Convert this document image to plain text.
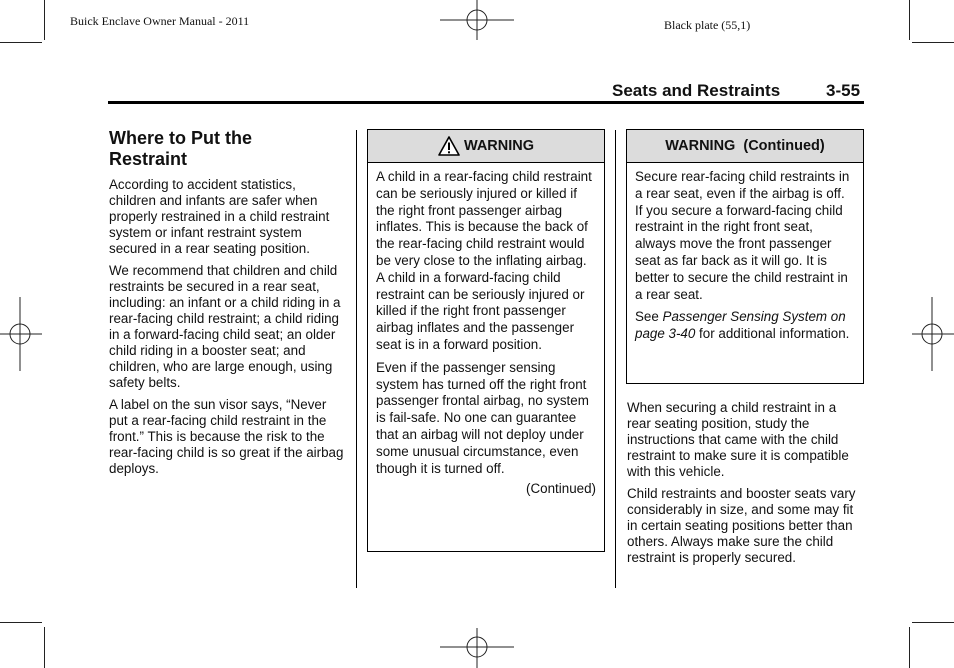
Buick Enclave Owner Manual - 2011	Black plate (55,1)
Seats and Restraints	3-55
Where to Put the
Restraint

According to accident statistics, children and infants are safer when properly restrained in a child restraint system or infant restraint system secured in a rear seating position.

We recommend that children and child restraints be secured in a rear seat, including: an infant or a child riding in a rear-facing child restraint; a child riding in a forward-facing child seat; an older child riding in a booster seat; and children, who are large enough, using safety belts.

A label on the sun visor says, “Never put a rear-facing child restraint in the front.” This is because the risk to the rear-facing child is so great if the airbag deploys.

WARNING

A child in a rear-facing child restraint can be seriously injured or killed if the right front passenger airbag inflates. This is because the back of the rear-facing child restraint would be very close to the inflating airbag. A child in a forward-facing child restraint can be seriously injured or killed if the right front passenger airbag inflates and the passenger seat is in a forward position.

Even if the passenger sensing system has turned off the right front passenger frontal airbag, no system is fail-safe. No one can guarantee that an airbag will not deploy under some unusual circumstance, even though it is turned off.

(Continued)
WARNING  (Continued)

Secure rear-facing child restraints in a rear seat, even if the airbag is off. If you secure a forward-facing child restraint in the right front seat, always move the front passenger seat as far back as it will go. It is better to secure the child restraint in a rear seat.

See Passenger Sensing System on page 3-40 for additional information.

When securing a child restraint in a rear seating position, study the instructions that came with the child restraint to make sure it is compatible with this vehicle.

Child restraints and booster seats vary considerably in size, and some may fit in certain seating positions better than others. Always make sure the child restraint is properly secured.
